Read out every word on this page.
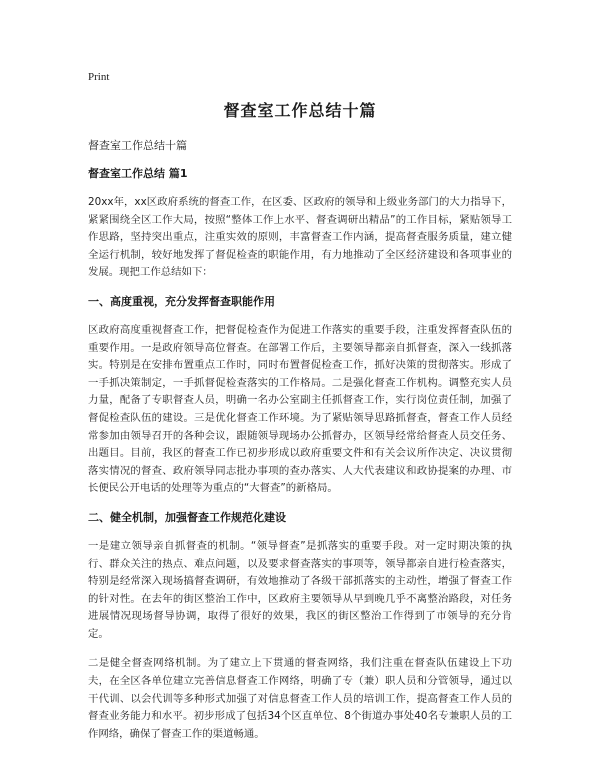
Print
督查室工作总结十篇
督查室工作总结十篇
督查室工作总结 篇1

20xx年，xx区政府系统的督查工作，在区委、区政府的领导和上级业务部门的大力指导下，紧紧围绕全区工作大局，按照“整体工作上水平、督查调研出精品”的工作目标，紧贴领导工作思路，坚持突出重点，注重实效的原则，丰富督查工作内涵，提高督查服务质量，建立健全运行机制，较好地发挥了督促检查的职能作用，有力地推动了全区经济建设和各项事业的发展。现把工作总结如下：

一、高度重视，充分发挥督查职能作用

区政府高度重视督查工作，把督促检查作为促进工作落实的重要手段，注重发挥督查队伍的重要作用。一是政府领导高位督查。在部署工作后，主要领导都亲自抓督查，深入一线抓落实。特别是在安排布置重点工作时，同时布置督促检查工作，抓好决策的贯彻落实。形成了一手抓决策制定，一手抓督促检查落实的工作格局。二是强化督查工作机构。调整充实人员力量，配备了专职督查人员，明确一名办公室副主任抓督查工作，实行岗位责任制，加强了督促检查队伍的建设。三是优化督查工作环境。为了紧贴领导思路抓督查，督查工作人员经常参加由领导召开的各种会议，跟随领导现场办公抓督办，区领导经常给督查人员交任务、出题目。目前，我区的督查工作已初步形成以政府重要文件和有关会议所作决定、决议贯彻落实情况的督查、政府领导同志批办事项的查办落实、人大代表建议和政协提案的办理、市长便民公开电话的处理等为重点的“大督查”的新格局。

二、健全机制，加强督查工作规范化建设

一是建立领导亲自抓督查的机制。“领导督查”是抓落实的重要手段。对一定时期决策的执行、群众关注的热点、难点问题，以及要求督查落实的事项等，领导都亲自进行检查落实，特别是经常深入现场搞督查调研，有效地推动了各级干部抓落实的主动性，增强了督查工作的针对性。在去年的街区整治工作中，区政府主要领导从早到晚几乎不离整治路段，对任务进展情况现场督导协调，取得了很好的效果，我区的街区整治工作得到了市领导的充分肯定。

二是健全督查网络机制。为了建立上下贯通的督查网络，我们注重在督查队伍建设上下功夫，在全区各单位建立完善信息督查工作网络，明确了专（兼）职人员和分管领导，通过以干代训、以会代训等多种形式加强了对信息督查工作人员的培训工作，提高督查工作人员的督查业务能力和水平。初步形成了包括34个区直单位、8个街道办事处40名专兼职人员的工作网络，确保了督查工作的渠道畅通。
